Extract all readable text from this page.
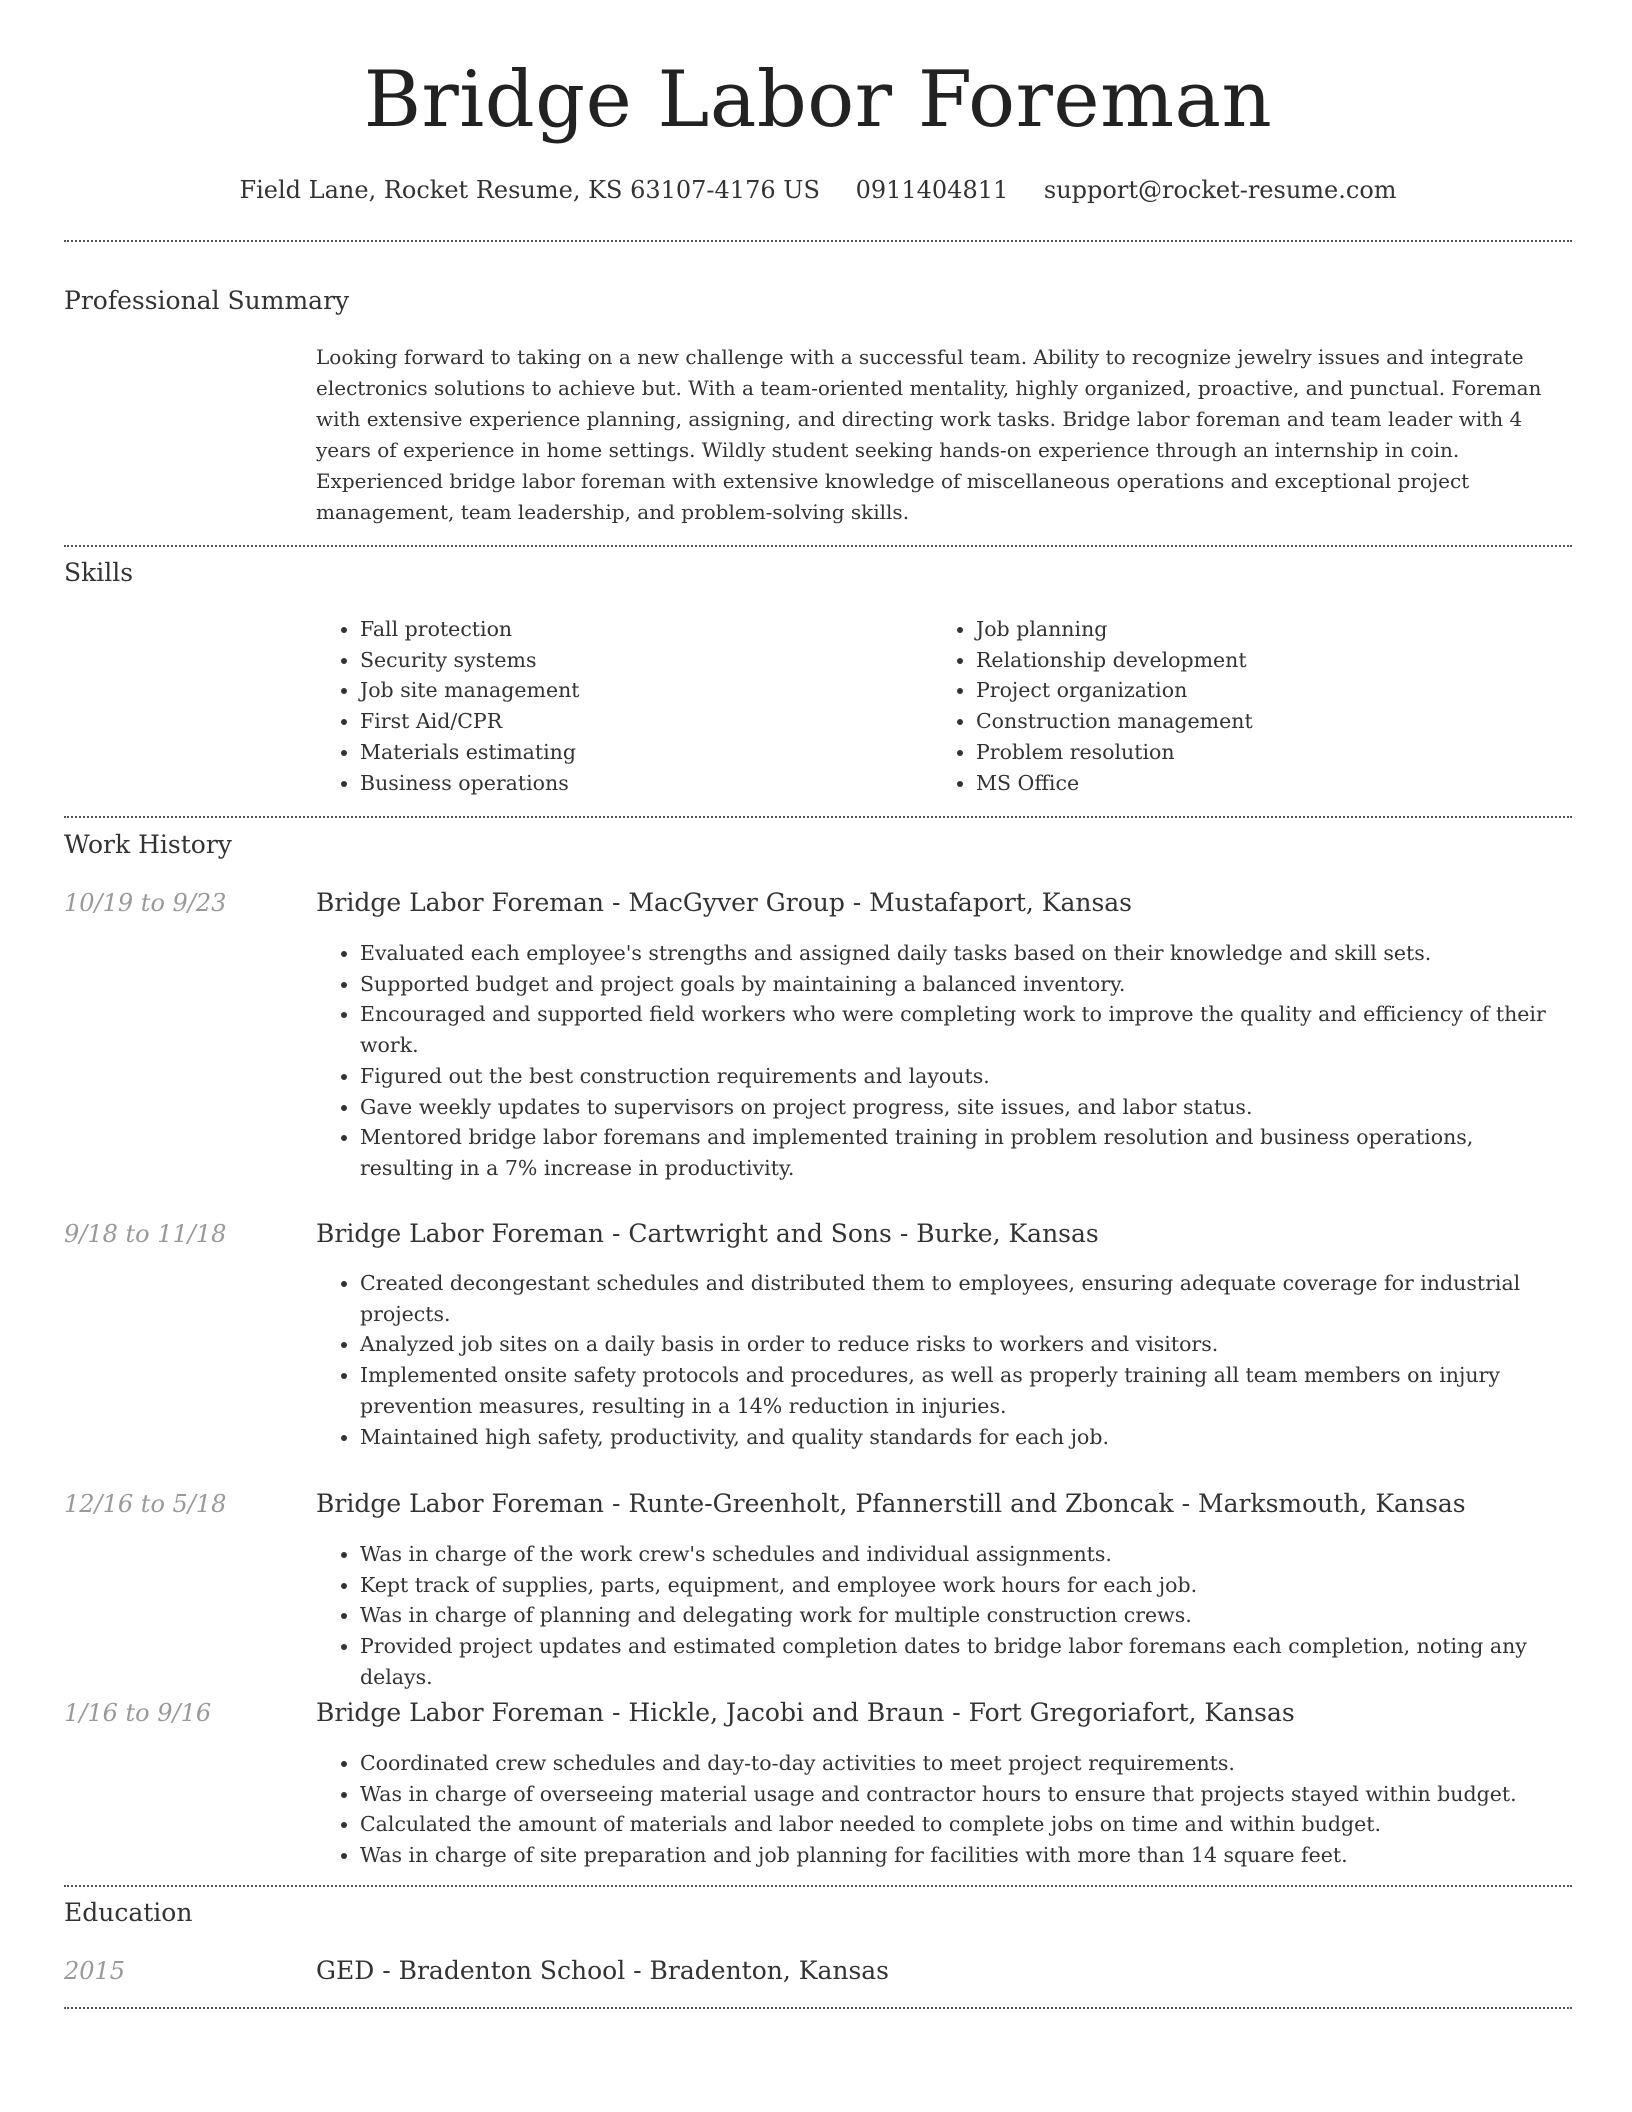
Bridge Labor Foreman
Field Lane, Rocket Resume, KS 63107-4176 US 0911404811 support@rocket-resume.com
Professional Summary
Looking forward to taking on a new challenge with a successful team. Ability to recognize jewelry issues and integrate electronics solutions to achieve but. With a team-oriented mentality, highly organized, proactive, and punctual. Foreman with extensive experience planning, assigning, and directing work tasks. Bridge labor foreman and team leader with 4 years of experience in home settings. Wildly student seeking hands-on experience through an internship in coin. Experienced bridge labor foreman with extensive knowledge of miscellaneous operations and exceptional project management, team leadership, and problem-solving skills.
Skills
• Fall protection
• Security systems
• Job site management
• First Aid/CPR
• Materials estimating
• Business operations
• Job planning
• Relationship development
• Project organization
• Construction management
• Problem resolution
• MS Office
Work History
10/19 to 9/23	Bridge Labor Foreman - MacGyver Group - Mustafaport, Kansas
• Evaluated each employee's strengths and assigned daily tasks based on their knowledge and skill sets.
• Supported budget and project goals by maintaining a balanced inventory.
• Encouraged and supported field workers who were completing work to improve the quality and efficiency of their work.
• Figured out the best construction requirements and layouts.
• Gave weekly updates to supervisors on project progress, site issues, and labor status.
• Mentored bridge labor foremans and implemented training in problem resolution and business operations, resulting in a 7% increase in productivity.
9/18 to 11/18	Bridge Labor Foreman - Cartwright and Sons - Burke, Kansas
• Created decongestant schedules and distributed them to employees, ensuring adequate coverage for industrial projects.
• Analyzed job sites on a daily basis in order to reduce risks to workers and visitors.
• Implemented onsite safety protocols and procedures, as well as properly training all team members on injury prevention measures, resulting in a 14% reduction in injuries.
• Maintained high safety, productivity, and quality standards for each job.
12/16 to 5/18	Bridge Labor Foreman - Runte-Greenholt, Pfannerstill and Zboncak - Marksmouth, Kansas
• Was in charge of the work crew's schedules and individual assignments.
• Kept track of supplies, parts, equipment, and employee work hours for each job.
• Was in charge of planning and delegating work for multiple construction crews.
• Provided project updates and estimated completion dates to bridge labor foremans each completion, noting any delays.
1/16 to 9/16	Bridge Labor Foreman - Hickle, Jacobi and Braun - Fort Gregoriafort, Kansas
• Coordinated crew schedules and day-to-day activities to meet project requirements.
• Was in charge of overseeing material usage and contractor hours to ensure that projects stayed within budget.
• Calculated the amount of materials and labor needed to complete jobs on time and within budget.
• Was in charge of site preparation and job planning for facilities with more than 14 square feet.
Education
2015	GED - Bradenton School - Bradenton, Kansas
